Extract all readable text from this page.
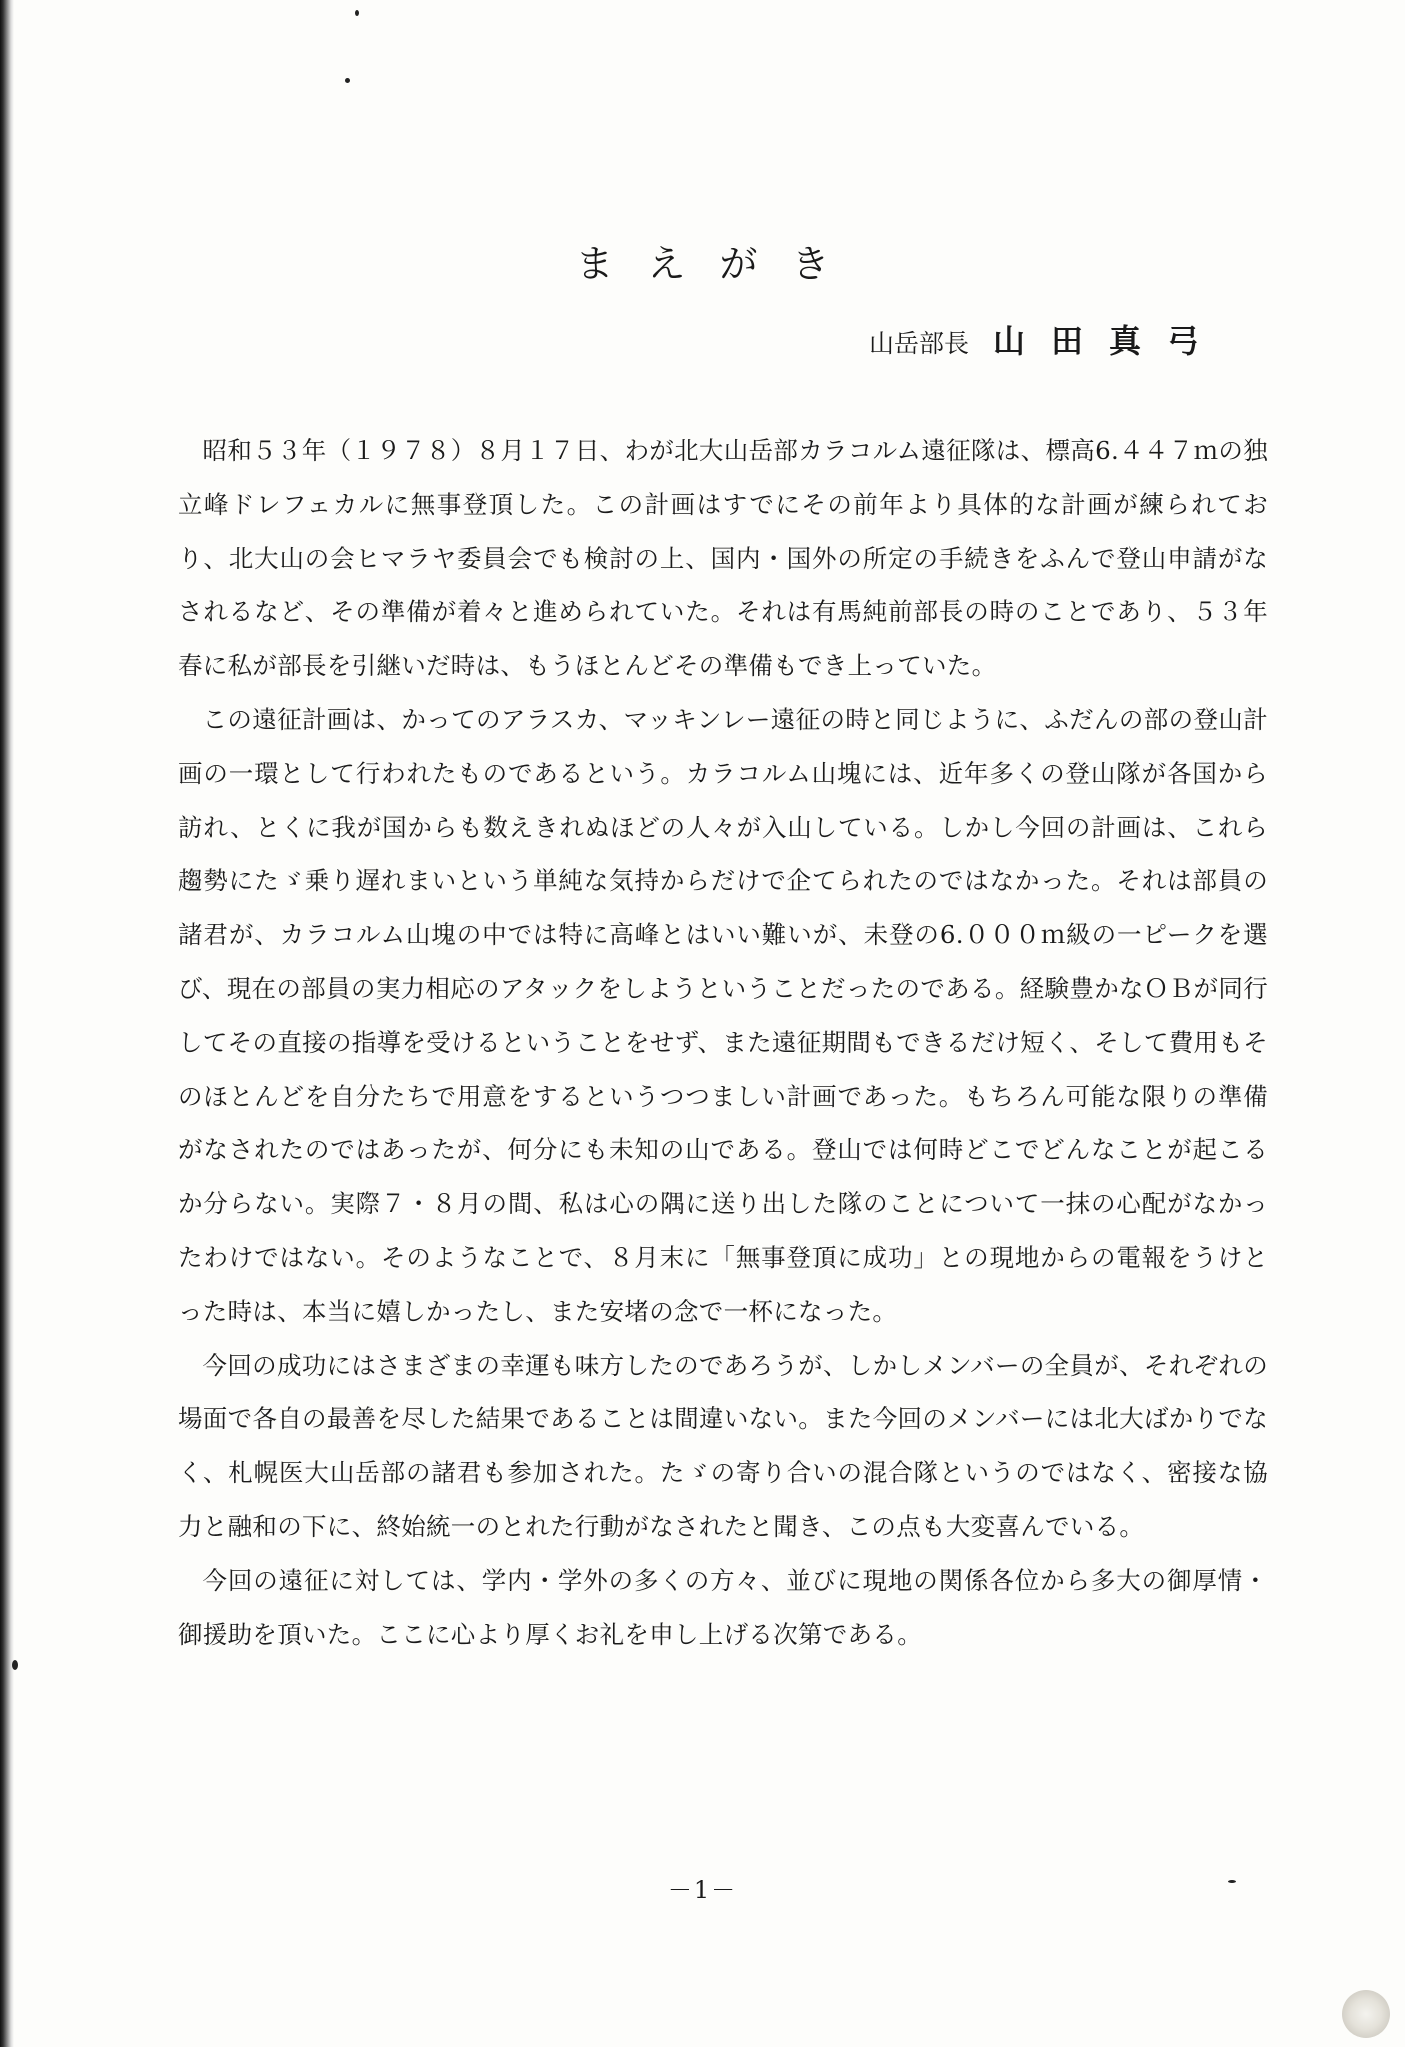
まえがき
山岳部長 山田真弓

昭和５３年（１９７８）８月１７日、わが北大山岳部カラコルム遠征隊は、標高6.４４７ｍの独立峰ドレフェカルに無事登頂した。この計画はすでにその前年より具体的な計画が練られており、北大山の会ヒマラヤ委員会でも検討の上、国内・国外の所定の手続きをふんで登山申請がなされるなど、その準備が着々と進められていた。それは有馬純前部長の時のことであり、５３年春に私が部長を引継いだ時は、もうほとんどその準備もでき上っていた。

この遠征計画は、かってのアラスカ、マッキンレー遠征の時と同じように、ふだんの部の登山計画の一環として行われたものであるという。カラコルム山塊には、近年多くの登山隊が各国から訪れ、とくに我が国からも数えきれぬほどの人々が入山している。しかし今回の計画は、これら趨勢にたゞ乗り遅れまいという単純な気持からだけで企てられたのではなかった。それは部員の諸君が、カラコルム山塊の中では特に高峰とはいい難いが、未登の6.０００ｍ級の一ピークを選び、現在の部員の実力相応のアタックをしようということだったのである。経験豊かなＯＢが同行してその直接の指導を受けるということをせず、また遠征期間もできるだけ短く、そして費用もそのほとんどを自分たちで用意をするというつつましい計画であった。もちろん可能な限りの準備がなされたのではあったが、何分にも未知の山である。登山では何時どこでどんなことが起こるか分らない。実際７・８月の間、私は心の隅に送り出した隊のことについて一抹の心配がなかったわけではない。そのようなことで、８月末に「無事登頂に成功」との現地からの電報をうけとった時は、本当に嬉しかったし、また安堵の念で一杯になった。

今回の成功にはさまざまの幸運も味方したのであろうが、しかしメンバーの全員が、それぞれの場面で各自の最善を尽した結果であることは間違いない。また今回のメンバーには北大ばかりでなく、札幌医大山岳部の諸君も参加された。たゞの寄り合いの混合隊というのではなく、密接な協力と融和の下に、終始統一のとれた行動がなされたと聞き、この点も大変喜んでいる。

今回の遠征に対しては、学内・学外の多くの方々、並びに現地の関係各位から多大の御厚情・御援助を頂いた。ここに心より厚くお礼を申し上げる次第である。

－1－
